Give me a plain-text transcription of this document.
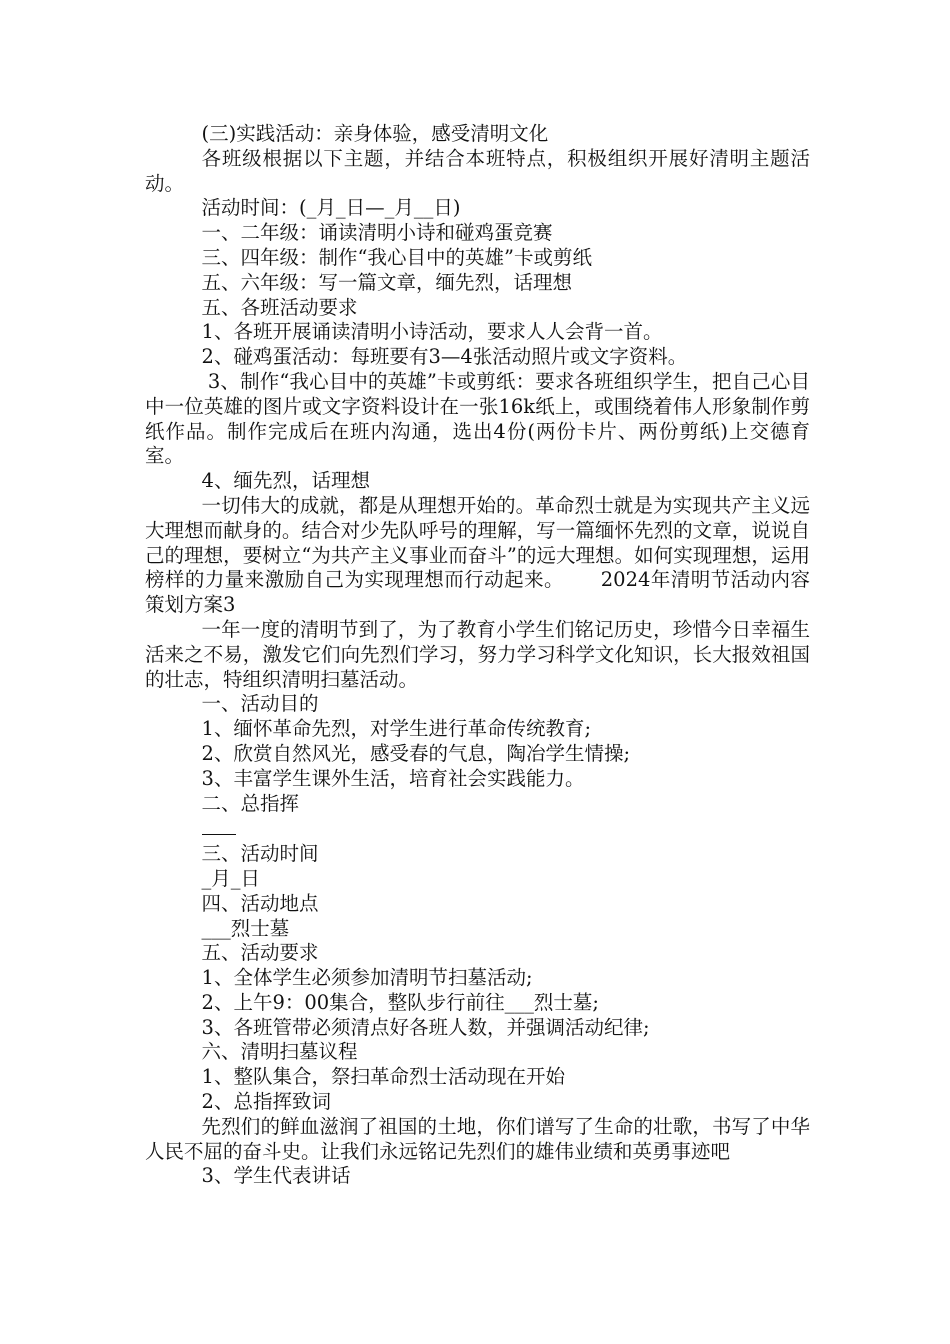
(三)实践活动：亲身体验，感受清明文化

各班级根据以下主题，并结合本班特点，积极组织开展好清明主题活动。

活动时间：(_月_日—_月__日)

一、二年级：诵读清明小诗和碰鸡蛋竞赛

三、四年级：制作“我心目中的英雄”卡或剪纸

五、六年级：写一篇文章，缅先烈，话理想

五、各班活动要求

1、各班开展诵读清明小诗活动，要求人人会背一首。

2、碰鸡蛋活动：每班要有3—4张活动照片或文字资料。

3、制作“我心目中的英雄”卡或剪纸：要求各班组织学生，把自己心目中一位英雄的图片或文字资料设计在一张16k纸上，或围绕着伟人形象制作剪纸作品。制作完成后在班内沟通，选出4份(两份卡片、两份剪纸)上交德育室。

4、缅先烈，话理想

一切伟大的成就，都是从理想开始的。革命烈士就是为实现共产主义远大理想而献身的。结合对少先队呼号的理解，写一篇缅怀先烈的文章，说说自己的理想，要树立“为共产主义事业而奋斗”的远大理想。如何实现理想，运用榜样的力量来激励自己为实现理想而行动起来。　　 2024年清明节活动内容策划方案3

一年一度的清明节到了，为了教育小学生们铭记历史，珍惜今日幸福生活来之不易，激发它们向先烈们学习，努力学习科学文化知识，长大报效祖国的壮志，特组织清明扫墓活动。

一、活动目的

1、缅怀革命先烈，对学生进行革命传统教育;

2、欣赏自然风光，感受春的气息，陶冶学生情操;

3、丰富学生课外生活，培育社会实践能力。

二、总指挥

三、活动时间

_月_日

四、活动地点

___烈士墓

五、活动要求

1、全体学生必须参加清明节扫墓活动;

2、上午9：00集合，整队步行前往___烈士墓;

3、各班管带必须清点好各班人数，并强调活动纪律;

六、清明扫墓议程

1、整队集合，祭扫革命烈士活动现在开始

2、总指挥致词

先烈们的鲜血滋润了祖国的土地，你们谱写了生命的壮歌，书写了中华人民不屈的奋斗史。让我们永远铭记先烈们的雄伟业绩和英勇事迹吧

3、学生代表讲话
